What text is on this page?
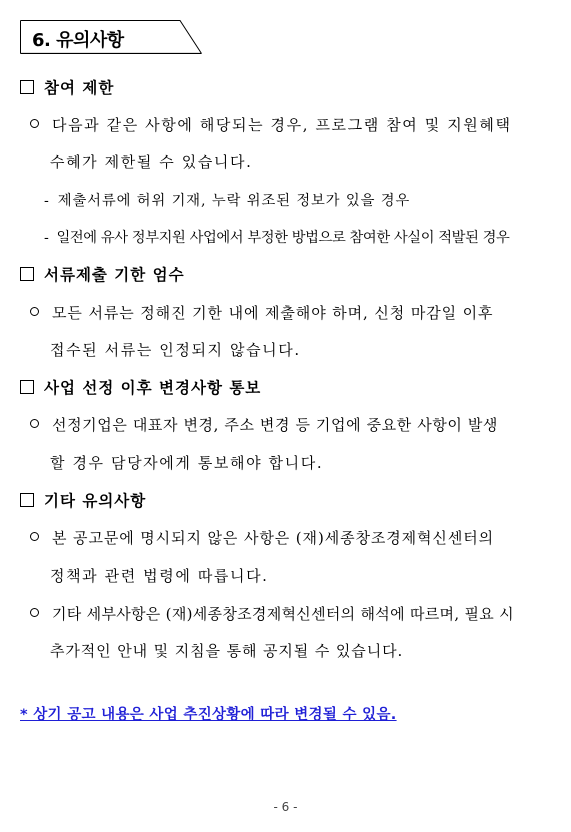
6. 유의사항
참여 제한
다음과 같은 사항에 해당되는 경우, 프로그램 참여 및 지원혜택
수혜가 제한될 수 있습니다.
- 제출서류에 허위 기재, 누락 위조된 정보가 있을 경우
- 일전에 유사 정부지원 사업에서 부정한 방법으로 참여한 사실이 적발된 경우
서류제출 기한 엄수
모든 서류는 정해진 기한 내에 제출해야 하며, 신청 마감일 이후
접수된 서류는 인정되지 않습니다.
사업 선정 이후 변경사항 통보
선정기업은 대표자 변경, 주소 변경 등 기업에 중요한 사항이 발생
할 경우 담당자에게 통보해야 합니다.
기타 유의사항
본 공고문에 명시되지 않은 사항은 (재)세종창조경제혁신센터의
정책과 관련 법령에 따릅니다.
기타 세부사항은 (재)세종창조경제혁신센터의 해석에 따르며, 필요 시
추가적인 안내 및 지침을 통해 공지될 수 있습니다.
* 상기 공고 내용은 사업 추진상황에 따라 변경될 수 있음.
- 6 -
